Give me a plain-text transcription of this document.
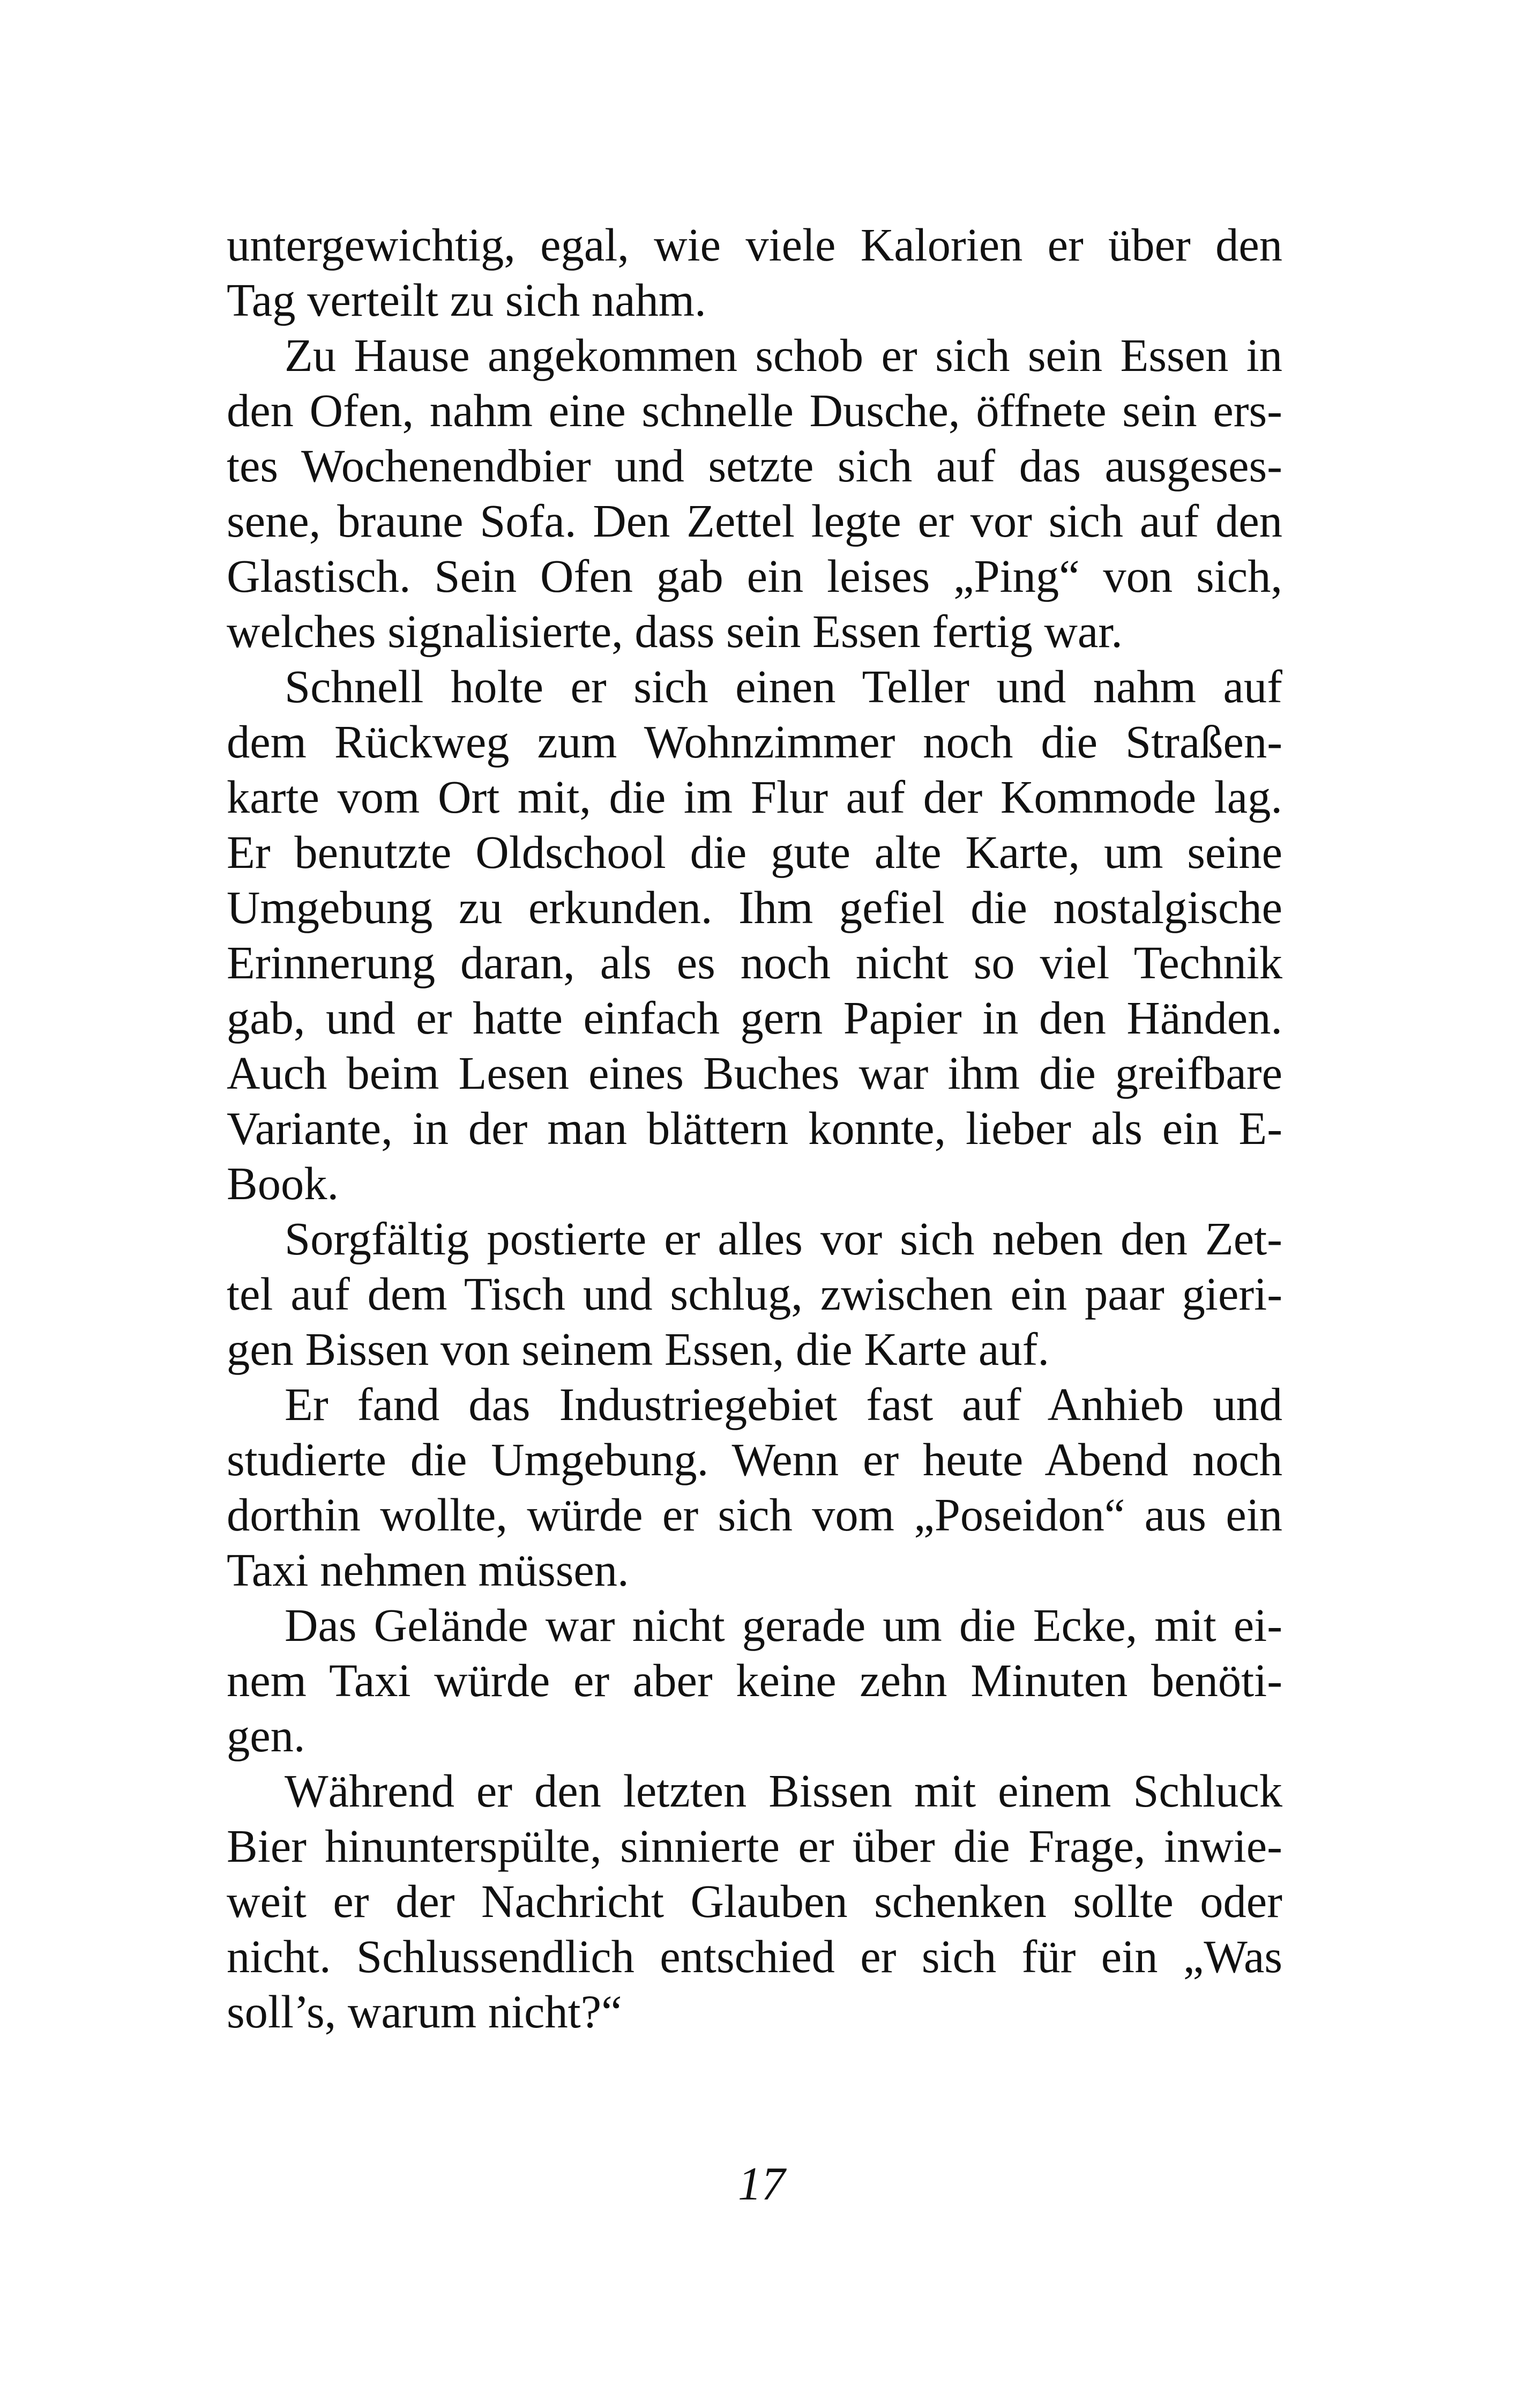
untergewichtig, egal, wie viele Kalorien er über den
Tag verteilt zu sich nahm.
Zu Hause angekommen schob er sich sein Essen in
den Ofen, nahm eine schnelle Dusche, öffnete sein ers-
tes Wochenendbier und setzte sich auf das ausgeses-
sene, braune Sofa. Den Zettel legte er vor sich auf den
Glastisch. Sein Ofen gab ein leises „Ping“ von sich,
welches signalisierte, dass sein Essen fertig war.
Schnell holte er sich einen Teller und nahm auf
dem Rückweg zum Wohnzimmer noch die Straßen-
karte vom Ort mit, die im Flur auf der Kommode lag.
Er benutzte Oldschool die gute alte Karte, um seine
Umgebung zu erkunden. Ihm gefiel die nostalgische
Erinnerung daran, als es noch nicht so viel Technik
gab, und er hatte einfach gern Papier in den Händen.
Auch beim Lesen eines Buches war ihm die greifbare
Variante, in der man blättern konnte, lieber als ein E-
Book.
Sorgfältig postierte er alles vor sich neben den Zet-
tel auf dem Tisch und schlug, zwischen ein paar gieri-
gen Bissen von seinem Essen, die Karte auf.
Er fand das Industriegebiet fast auf Anhieb und
studierte die Umgebung. Wenn er heute Abend noch
dorthin wollte, würde er sich vom „Poseidon“ aus ein
Taxi nehmen müssen.
Das Gelände war nicht gerade um die Ecke, mit ei-
nem Taxi würde er aber keine zehn Minuten benöti-
gen.
Während er den letzten Bissen mit einem Schluck
Bier hinunterspülte, sinnierte er über die Frage, inwie-
weit er der Nachricht Glauben schenken sollte oder
nicht. Schlussendlich entschied er sich für ein „Was
soll’s, warum nicht?“
17
